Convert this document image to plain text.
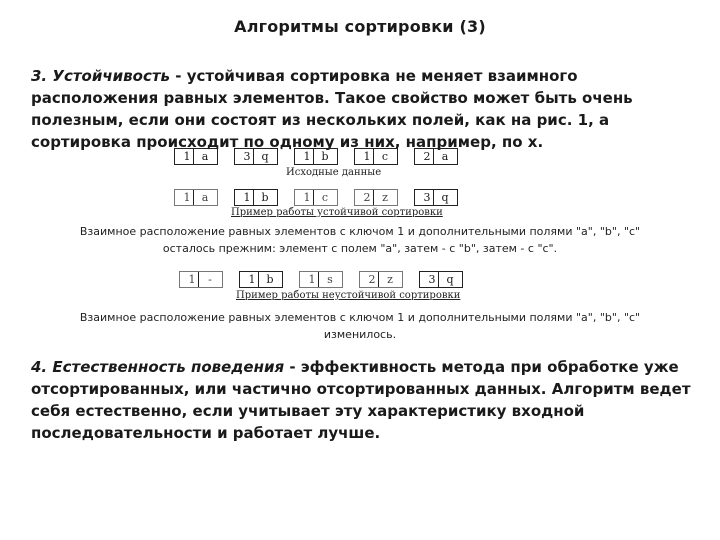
Алгоритмы сортировки (3)
3. Устойчивость - устойчивая сортировка не меняет взаимного расположения равных элементов. Такое свойство может быть очень полезным, если они состоят из нескольких полей, как на рис. 1, а сортировка происходит по одному из них, например, по x.
1	a	3 q	1 b	1	c	2	a
Исходные данные
1	a	1 b	1	c	2	z	3 q
Пример работы устойчивой сортировки
Взаимное расположение равных элементов с ключом 1 и дополнительными полями "a", "b", "c" осталось прежним: элемент с полем "a", затем - с "b", затем - с "c".
1	-	1 b	1	s	2	z	3 q
Пример работы неустойчивой сортировки
Взаимное расположение равных элементов с ключом 1 и дополнительными полями "a", "b", "c" изменилось.
4. Естественность поведения - эффективность метода при обработке уже отсортированных, или частично отсортированных данных. Алгоритм ведет себя естественно, если учитывает эту характеристику входной последовательности и работает лучше.
